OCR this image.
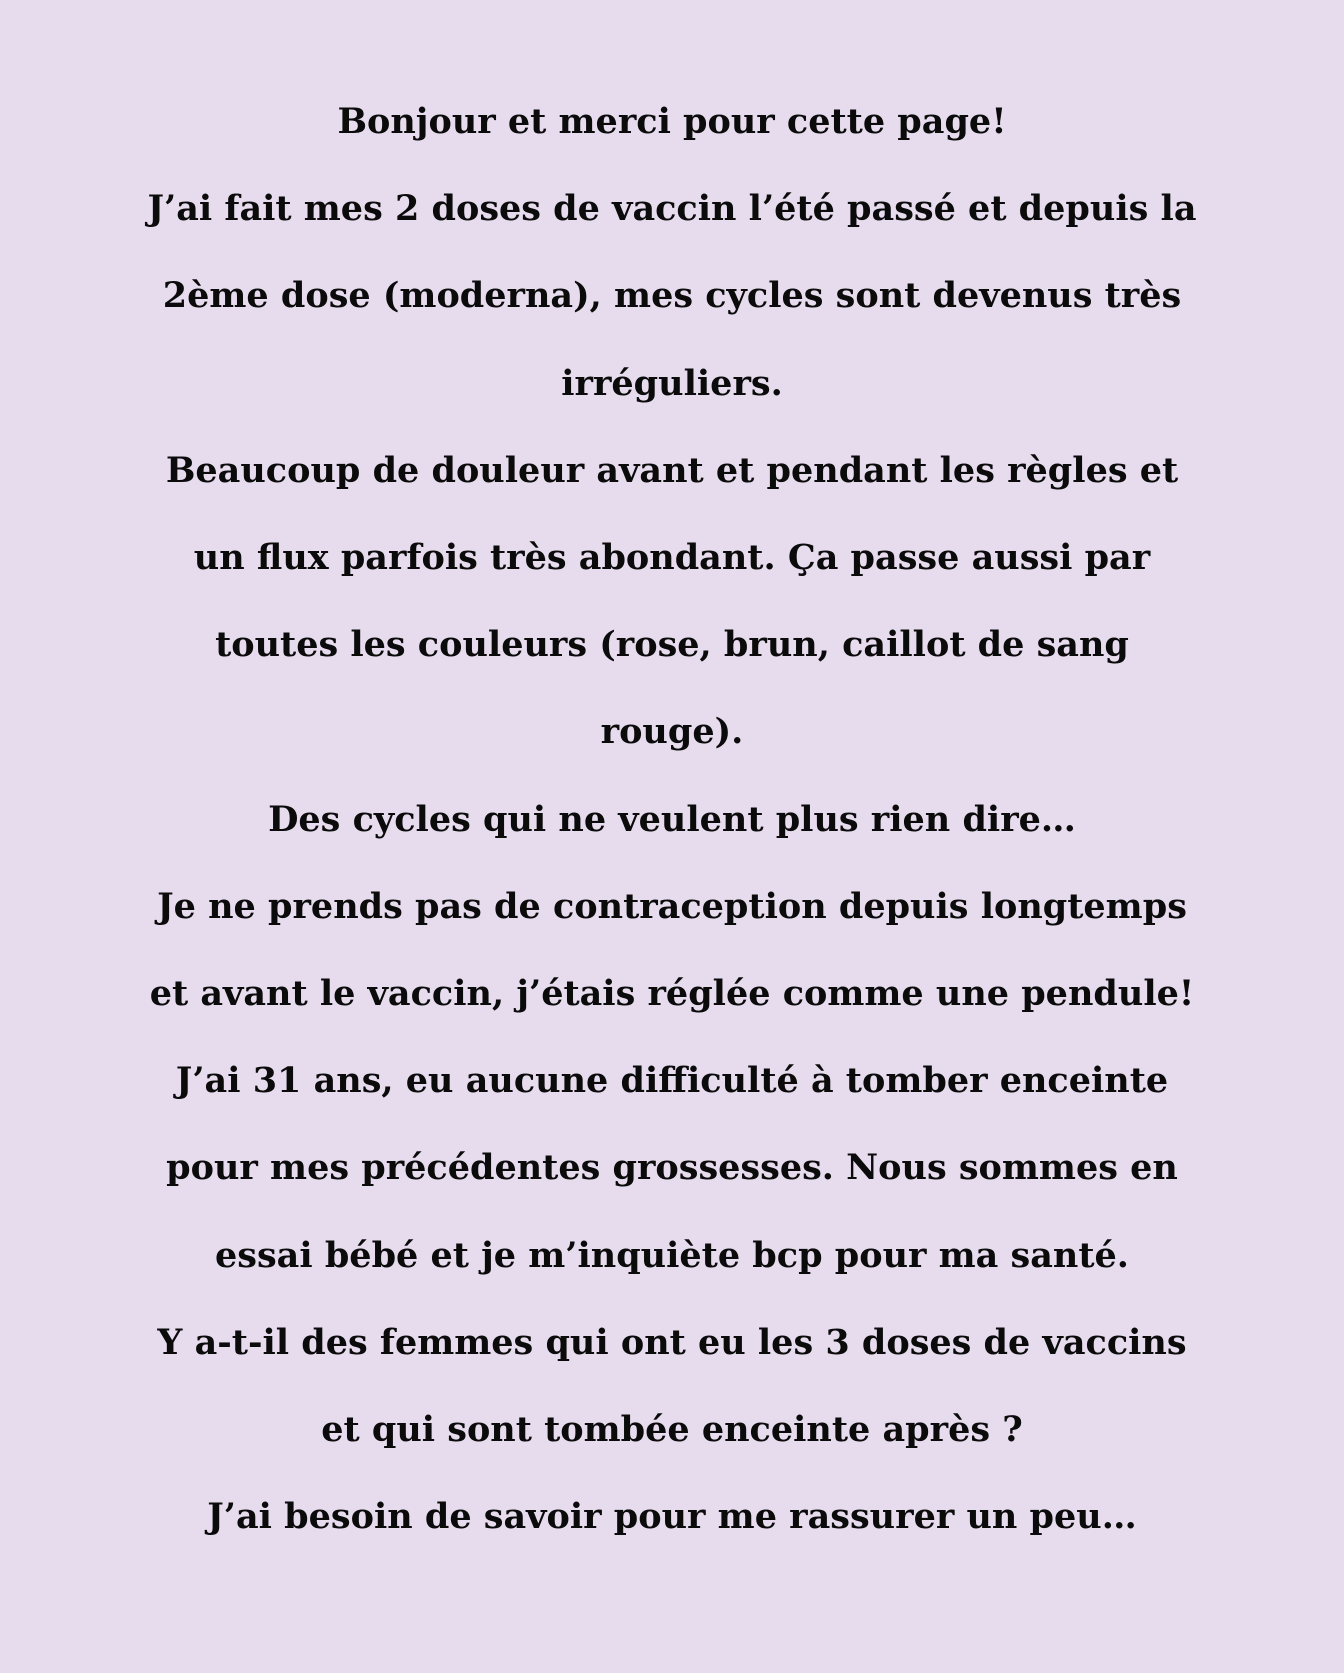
Bonjour et merci pour cette page!
J’ai fait mes 2 doses de vaccin l’été passé et depuis la
2ème dose (moderna), mes cycles sont devenus très
irréguliers.
Beaucoup de douleur avant et pendant les règles et
un flux parfois très abondant. Ça passe aussi par
toutes les couleurs (rose, brun, caillot de sang
rouge).
Des cycles qui ne veulent plus rien dire…
Je ne prends pas de contraception depuis longtemps
et avant le vaccin, j’étais réglée comme une pendule!
J’ai 31 ans, eu aucune difficulté à tomber enceinte
pour mes précédentes grossesses. Nous sommes en
essai bébé et je m’inquiète bcp pour ma santé.
Y a-t-il des femmes qui ont eu les 3 doses de vaccins
et qui sont tombée enceinte après ?
J’ai besoin de savoir pour me rassurer un peu…
